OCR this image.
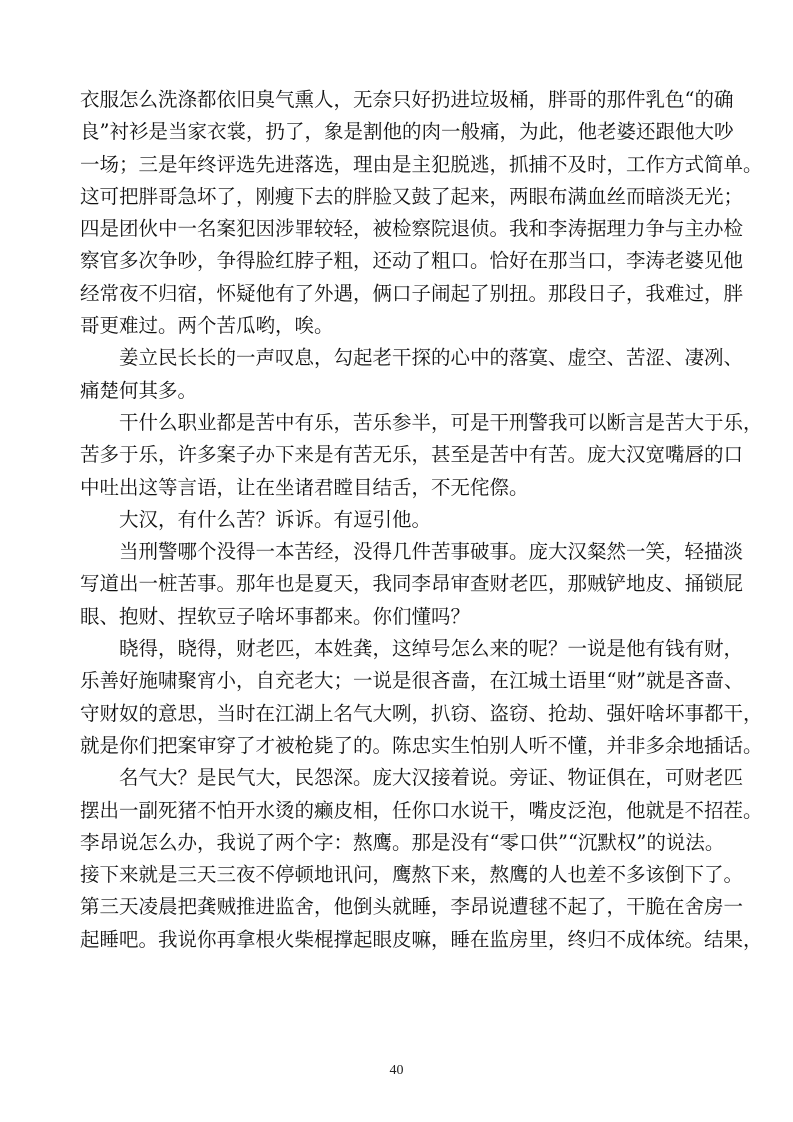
衣服怎么洗涤都依旧臭气熏人，无奈只好扔进垃圾桶，胖哥的那件乳色“的确
良”衬衫是当家衣裳，扔了，象是割他的肉一般痛，为此，他老婆还跟他大吵
一场；三是年终评选先进落选，理由是主犯脱逃，抓捕不及时，工作方式简单。
这可把胖哥急坏了，刚瘦下去的胖脸又鼓了起来，两眼布满血丝而暗淡无光；
四是团伙中一名案犯因涉罪较轻，被检察院退侦。我和李涛据理力争与主办检
察官多次争吵，争得脸红脖子粗，还动了粗口。恰好在那当口，李涛老婆见他
经常夜不归宿，怀疑他有了外遇，俩口子闹起了别扭。那段日子，我难过，胖
哥更难过。两个苦瓜哟，唉。
姜立民长长的一声叹息，勾起老干探的心中的落寞、虚空、苦涩、凄冽、
痛楚何其多。
干什么职业都是苦中有乐，苦乐参半，可是干刑警我可以断言是苦大于乐，
苦多于乐，许多案子办下来是有苦无乐，甚至是苦中有苦。庞大汉宽嘴唇的口
中吐出这等言语，让在坐诸君瞠目结舌，不无侘傺。
大汉，有什么苦？诉诉。有逗引他。
当刑警哪个没得一本苦经，没得几件苦事破事。庞大汉粲然一笑，轻描淡
写道出一桩苦事。那年也是夏天，我同李昂审查财老匹，那贼铲地皮、捅锁屁
眼、抱财、捏软豆子啥坏事都来。你们懂吗？
晓得，晓得，财老匹，本姓龚，这绰号怎么来的呢？一说是他有钱有财，
乐善好施啸聚宵小，自充老大；一说是很吝啬，在江城土语里“财”就是吝啬、
守财奴的意思，当时在江湖上名气大咧，扒窃、盗窃、抢劫、强奸啥坏事都干，
就是你们把案审穿了才被枪毙了的。陈忠实生怕别人听不懂，并非多余地插话。
名气大？是民气大，民怨深。庞大汉接着说。旁证、物证俱在，可财老匹
摆出一副死猪不怕开水烫的癞皮相，任你口水说干，嘴皮泛泡，他就是不招茬。
李昂说怎么办，我说了两个字：熬鹰。那是没有“零口供”“沉默权”的说法。
接下来就是三天三夜不停顿地讯问，鹰熬下来，熬鹰的人也差不多该倒下了。
第三天凌晨把龚贼推进监舍，他倒头就睡，李昂说遭毬不起了，干脆在舍房一
起睡吧。我说你再拿根火柴棍撑起眼皮嘛，睡在监房里，终归不成体统。结果，
40
